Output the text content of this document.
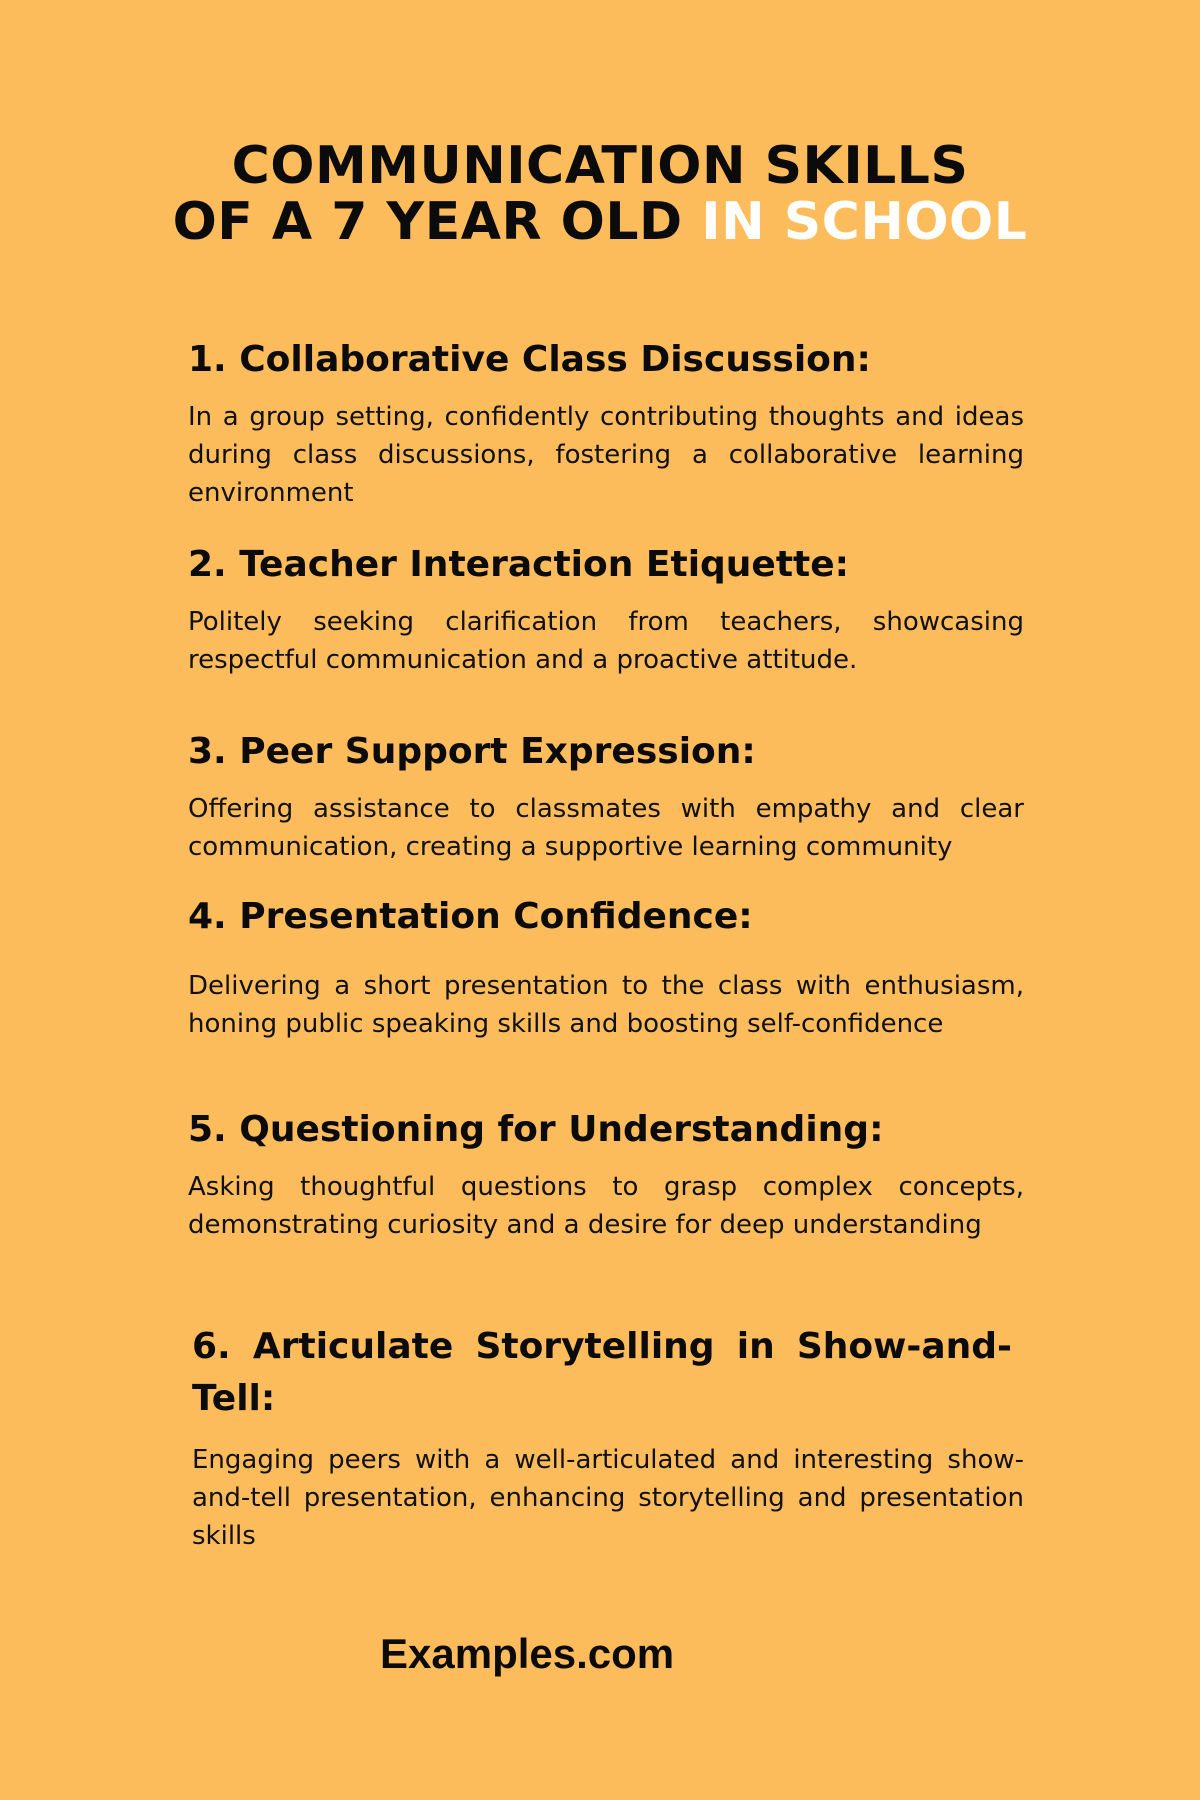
COMMUNICATION SKILLS
OF A 7 YEAR OLD IN SCHOOL
1. Collaborative Class Discussion:

In a group setting, confidently contributing thoughts and ideas during class discussions, fostering a collaborative learning environment

2. Teacher Interaction Etiquette:

Politely seeking clarification from teachers, showcasing respectful communication and a proactive attitude.

3. Peer Support Expression:

Offering assistance to classmates with empathy and clear communication, creating a supportive learning community

4. Presentation Confidence:

Delivering a short presentation to the class with enthusiasm, honing public speaking skills and boosting self-confidence

5. Questioning for Understanding:

Asking thoughtful questions to grasp complex concepts, demonstrating curiosity and a desire for deep understanding

6. Articulate Storytelling in Show-and-Tell:

Engaging peers with a well-articulated and interesting show-and-tell presentation, enhancing storytelling and presentation skills

Examples.com
